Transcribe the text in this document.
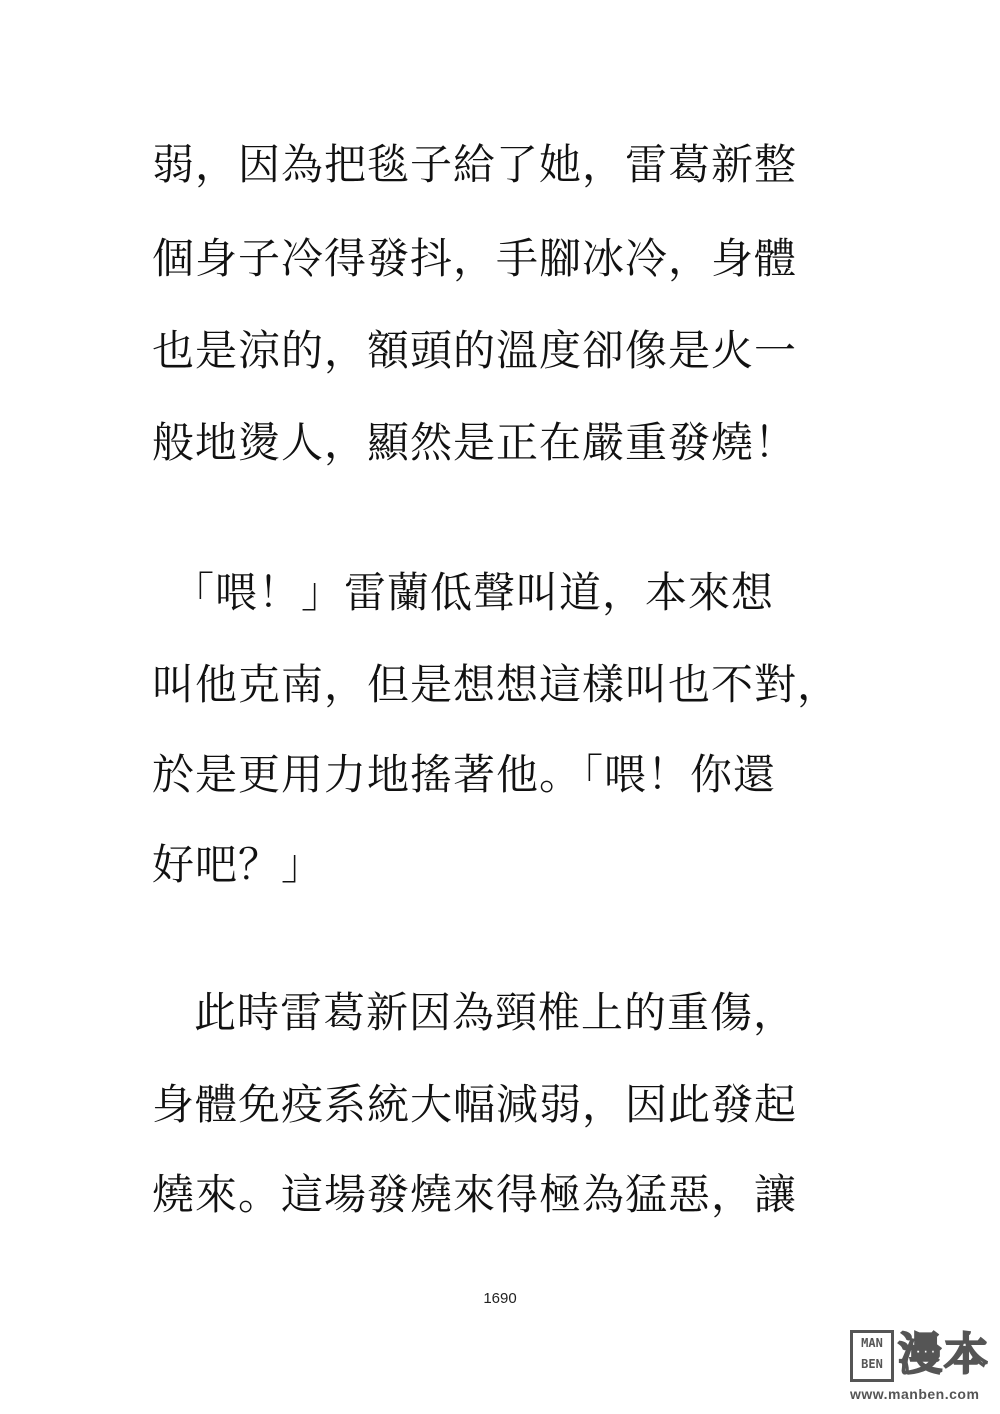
弱，因為把毯子給了她，雷葛新整
個身子冷得發抖，手腳冰冷，身體
也是涼的，額頭的溫度卻像是火一
般地燙人，顯然是正在嚴重發燒！
「喂！」雷蘭低聲叫道，本來想
叫他克南，但是想想這樣叫也不對，
於是更用力地搖著他。「喂！你還
好吧？」
此時雷葛新因為頸椎上的重傷，
身體免疫系統大幅減弱，因此發起
燒來。這場發燒來得極為猛惡，讓
1690
MAN
BEN 漫本
www.manben.com
